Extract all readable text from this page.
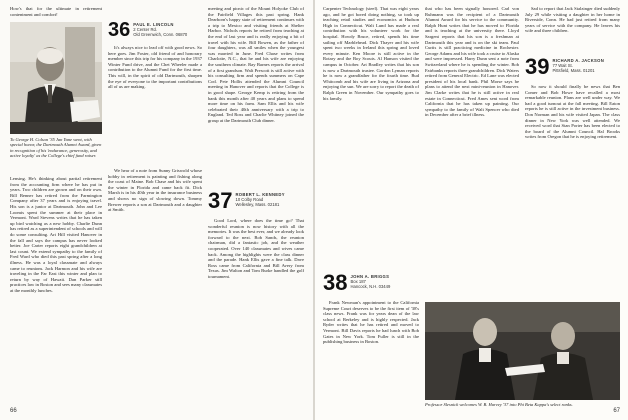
How's that for the ultimate in retirement contentment and comfort!

To George H. Colson '35 Jan Yane went, with special honor, the Dartmouth Alumni Award, given in recognition of his 'endurance, generosity, and active loyalty' as the College's chief fund raiser.

Lensing. He's thinking about partial retirement from the accounting firm where he has put in years. Two children are grown and on their own. Bill Benner has retired from the Farmington Company after 37 years and is enjoying travel. His son is a junior at Dartmouth. John and Lee Loomis spent the summer at their place in Vermont. Ward Stevens writes that he has taken up bird watching as a new hobby. Charlie Dunn has retired as a superintendent of schools and will do some consulting. Art Hill visited Hanover in the fall and says the campus has never looked better. Joe Carter reports eight grandchildren at last count. We extend sympathy to the family of Fred Ward who died this past spring after a long illness. He was a loyal classmate and always came to reunions. Jack Harmon and his wife are traveling in the Far East this winter and plan to return by way of Hawaii. Dan Parker still practices law in Boston and sees many classmates at the monthly lunches.

36 PAUL E. LINCOLN
2 Center Rd.
Old Greenwich, Conn. 06870

It's always nice to lead off with good news. So here goes. Jim Foster, old friend of and honorary member since this trip for his company in the 1937 Winter Fund drive, and the Chet Wheeler made a contribution to the Alumni Fund for the first time. This will, in the spirit of old Dartmouth, sharpen the eye of everyone to the important contributions all of us are making.

We hear of a note from Sunny Griswold whose hobby in retirement is painting and fishing along the coast of Maine. Bob Chase and his wife spent the winter in Florida and came back fit. Dick Marsh is in his 40th year in the insurance business and shows no sign of slowing down. Tommy Brewer reports a son at Dartmouth and a daughter at Smith.

meeting and picnic of the Mount Holyoke Club of the Fairfield Villages this past spring. Hank Dearborn's happy state of retirement continues with a trip to Mexico and visiting friends at Shelter Harbor. Nichols reports he retired from teaching at the end of last year and is really enjoying a bit of travel with his wife. Bill Bowen, as the father of four daughters, was all smiles when the youngest was married in June. Fred Chase writes from Charlotte, N.C., that he and his wife are enjoying the southern climate. Ray Barnes reports the arrival of a first grandson. Walt Prescott is still active with his consulting firm and spends summers on Cape Cod. Pete Hollis attended the Alumni Council meeting in Hanover and reports that the College is in good shape. George Kemp is retiring from the bank this month after 40 years and plans to spend more time on his farm. Sam Ellis and his wife celebrated their 40th anniversary with a trip to England. Ted Ross and Charlie Whitney joined the group at the Dartmouth Club dinner.

37 ROBERT L. KENNEDY
10 Colby Road
Wellesley, Mass. 02181

Good Lord, where does the time go? That wonderful reunion is now history with all the memories. It was the best ever, and we already look forward to the next. Bob Sands, the reunion chairman, did a fantastic job, and the weather cooperated. Over 140 classmates and wives came back. Among the highlights were the class dinner and the parade. Hank Ellis gave a fine talk. Dave Ross came from California and Bill Avery from Texas. Jim Walton and Tom Burke handled the golf tournament.

66

Carpenter Technology (steel). That was eight years ago, and he got bored doing nothing, so took up teaching retail studies and economics at Hudson High in Connecticut. Walt Lund has made a real contribution with his volunteer work for the hospital. Howdy Bruce, retired, spends his time sailing off Marblehead. Dick Thayer and his wife spent two weeks in Ireland this spring and loved every minute. Ken Moore is still active in the Rotary and the Boy Scouts. Al Hanson visited the campus in October. Art Bradley writes that his son is now a Dartmouth trustee. Gordon Lyman reports he is now a grandfather for the fourth time. Bud Whitcomb and his wife are living in Arizona and enjoying the sun. We are sorry to report the death of Ralph Green in November. Our sympathy goes to his family.

38 JOHN A. BRIGGS
Box 187
Hancock, N.H. 03449

Frank Newman's appointment to the California Supreme Court deserves to be the first item of '38's class news. Frank was for years dean of the law school at Berkeley and is highly respected. Jack Ryder writes that he has retired and moved to Vermont. Bill Davis reports he had lunch with Bob Gates in New York. Tom Fuller is still in the publishing business in Boston.

that who has been signally honored. Carl von Ruhmann was the recipient of a Dartmouth Alumni Award for his service to the community. Ralph Hunt writes that he has moved to Florida and is teaching at the university there. Lloyd Sargent reports that his son is a freshman at Dartmouth this year and is on the ski team. Paul Curtis is still practicing medicine in Rochester. George Adams and his wife took a cruise to Alaska and were impressed. Harry Dunn sent a note from Switzerland where he is spending the winter. Bob Fairbanks reports three grandchildren. Dick Waters retired from General Electric. Ed Lane was elected president of his local bank. Phil Morse says he plans to attend the next mini-reunion in Hanover. Jim Clarke writes that he is still active in real estate in Connecticut. Fred Ames sent word from California that he has taken up painting. Our sympathy to the family of Walt Spencer who died in December after a brief illness.

Sad to report that Jack Stalzinger died suddenly July 29 while visiting a daughter in her home in Riverside, Conn. He had just retired from many years of service with the company. He leaves his wife and three children.

39 RICHARD A. JACKSON
77 Wait St.
Pittsfield, Mass. 01201

So now it should finally be news that Ben Comer and Bob Howe have recalled a most remarkable reunion. Plans are well under way. We had a good turnout at the fall meeting. Bill Eaton reports he is still active in the investment business. Don Norman and his wife visited Japan. The class dinner in New York was well attended. We received word that Stan Porter has been elected to the board of the Alumni Council. Hal Brooks writes from Oregon that he is enjoying retirement.

Professor Slesnick welcomes W. B. Harvey '37 into Phi Beta Kappa's select ranks.
67
